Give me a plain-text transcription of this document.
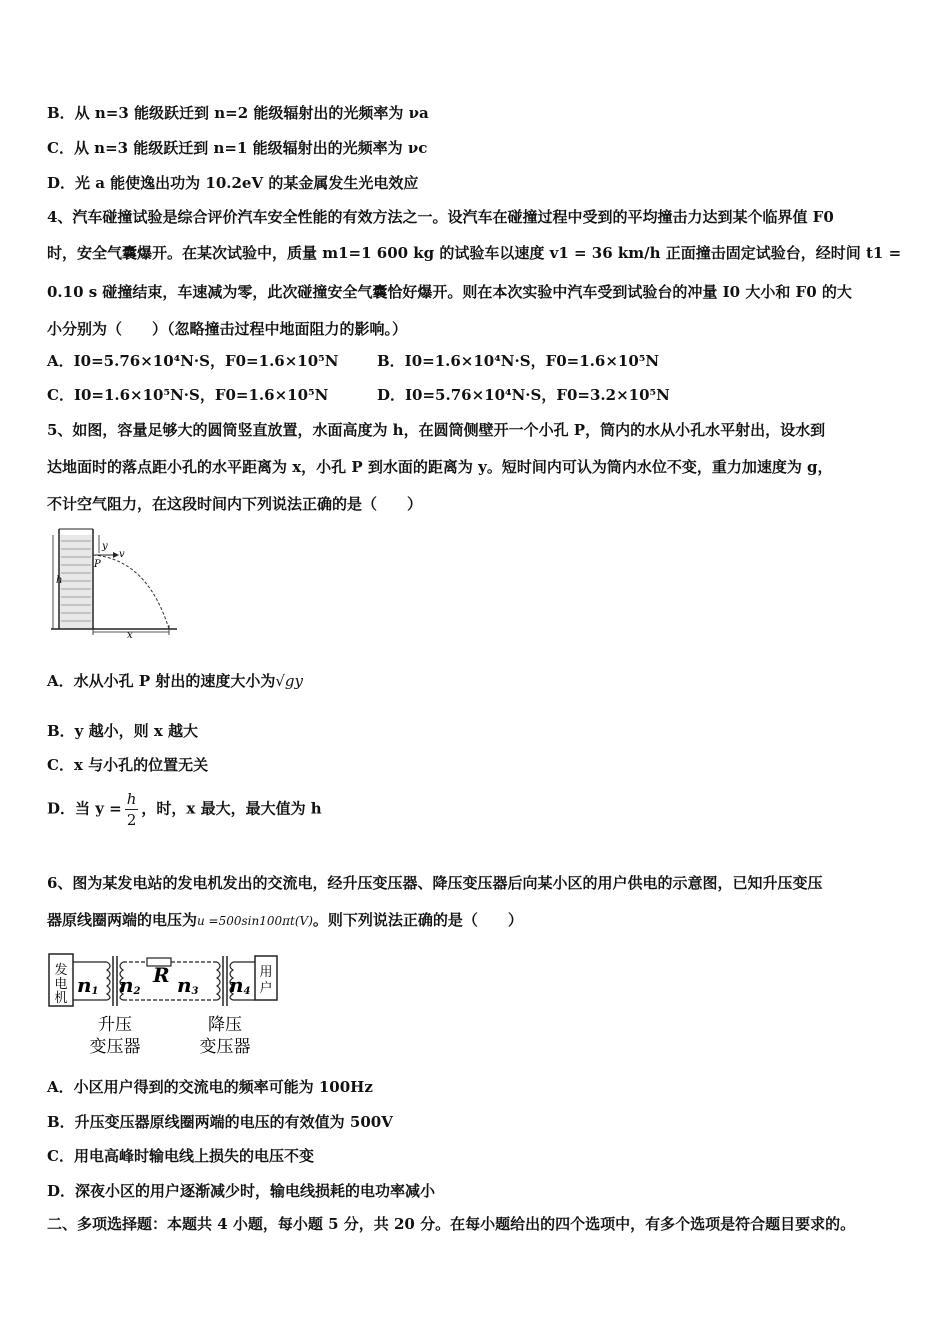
B．从 n=3 能级跃迁到 n=2 能级辐射出的光频率为 νa
C．从 n=3 能级跃迁到 n=1 能级辐射出的光频率为 νc
D．光 a 能使逸出功为 10.2eV 的某金属发生光电效应
4、汽车碰撞试验是综合评价汽车安全性能的有效方法之一。设汽车在碰撞过程中受到的平均撞击力达到某个临界值 F0
时，安全气囊爆开。在某次试验中，质量 m1=1 600 kg 的试验车以速度 v1 = 36 km/h 正面撞击固定试验台，经时间 t1 =
0.10 s 碰撞结束，车速减为零，此次碰撞安全气囊恰好爆开。则在本次实验中汽车受到试验台的冲量 I0 大小和 F0 的大
小分别为（　　）（忽略撞击过程中地面阻力的影响。）
A．I0=5.76×10⁴N·S，F0=1.6×10⁵N	B．I0=1.6×10⁴N·S，F0=1.6×10⁵N
C．I0=1.6×10⁵N·S，F0=1.6×10⁵N	D．I0=5.76×10⁴N·S，F0=3.2×10⁵N
5、如图，容量足够大的圆筒竖直放置，水面高度为 h，在圆筒侧壁开一个小孔 P，筒内的水从小孔水平射出，设水到
达地面时的落点距小孔的水平距离为 x，小孔 P 到水面的距离为 y。短时间内可认为筒内水位不变，重力加速度为 g，
不计空气阻力，在这段时间内下列说法正确的是（　　）
h
y
v
P
x
A．水从小孔 P 射出的速度大小为√gy
B．y 越小，则 x 越大
C．x 与小孔的位置无关
D．当 $y = \frac{h}{2}$ ，时，x 最大，最大值为 h
6、图为某发电站的发电机发出的交流电，经升压变压器、降压变压器后向某小区的用户供电的示意图，已知升压变压
器原线圈两端的电压为u =500sin100πt(V)。则下列说法正确的是（　　）
发
电
机
n1 n2
R n3 n4
用
户
升压
变压器
降压
变压器
A．小区用户得到的交流电的频率可能为 100Hz
B．升压变压器原线圈两端的电压的有效值为 500V
C．用电高峰时输电线上损失的电压不变
D．深夜小区的用户逐渐减少时，输电线损耗的电功率减小
二、多项选择题：本题共 4 小题，每小题 5 分，共 20 分。在每小题给出的四个选项中，有多个选项是符合题目要求的。
